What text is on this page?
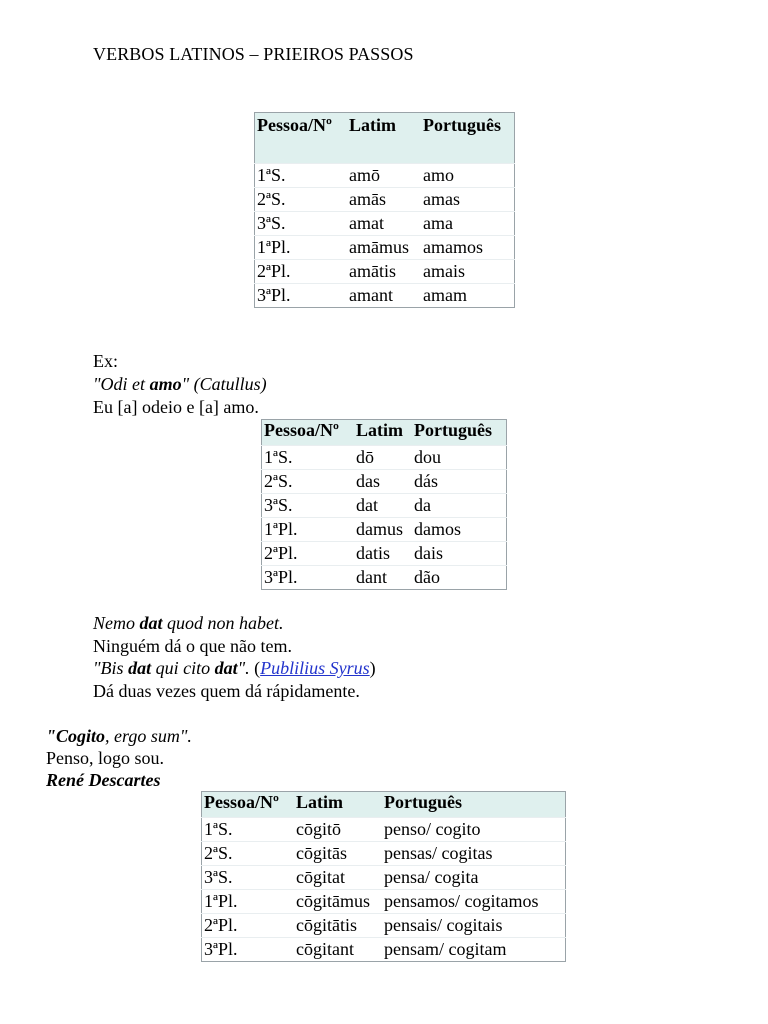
VERBOS LATINOS – PRIEIROS PASSOS
Pessoa/Nº	Latim	Português
1ªS.	amō	amo
2ªS.	amās	amas
3ªS.	amat	ama
1ªPl.	amāmus	amamos
2ªPl.	amātis	amais
3ªPl.	amant	amam
Ex:
"Odi et amo" (Catullus)
Eu [a] odeio e [a] amo.
Pessoa/Nº	Latim	Português
1ªS.	dō	dou
2ªS.	das	dás
3ªS.	dat	da
1ªPl.	damus	damos
2ªPl.	datis	dais
3ªPl.	dant	dão
Nemo dat quod non habet.
Ninguém dá o que não tem.
"Bis dat qui cito dat". (Publilius Syrus)
Dá duas vezes quem dá rápidamente.
"Cogito, ergo sum".
Penso, logo sou.
René Descartes
Pessoa/Nº	Latim	Português
1ªS.	cōgitō	penso/ cogito
2ªS.	cōgitās	pensas/ cogitas
3ªS.	cōgitat	pensa/ cogita
1ªPl.	cōgitāmus	pensamos/ cogitamos
2ªPl.	cōgitātis	pensais/ cogitais
3ªPl.	cōgitant	pensam/ cogitam
